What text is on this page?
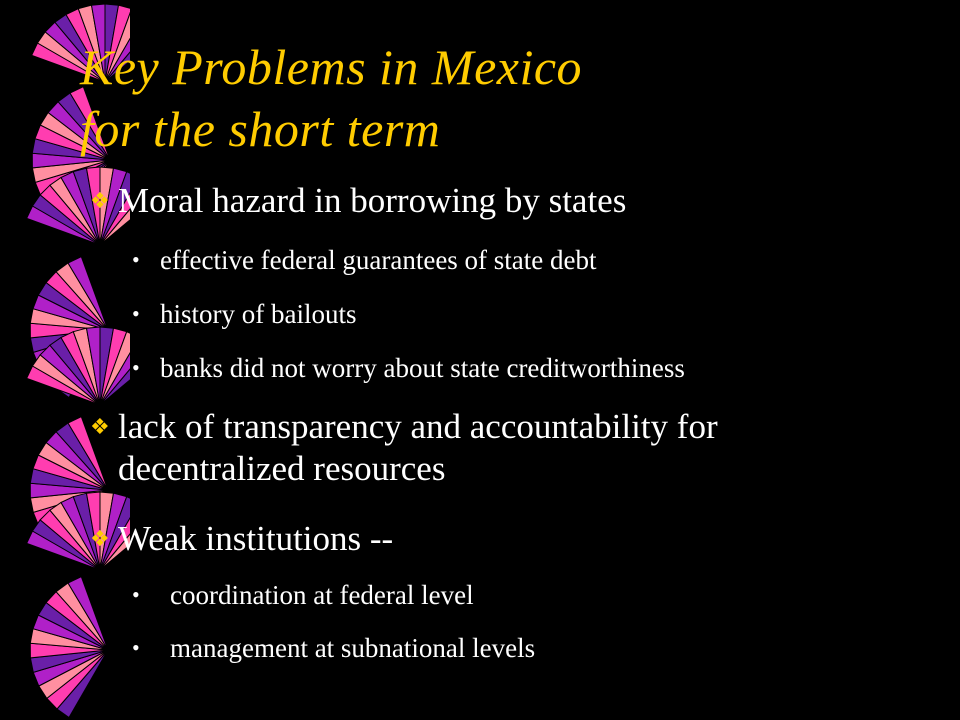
Key Problems in Mexico
for the short term
❖ Moral hazard in borrowing by states
• effective federal guarantees of state debt
• history of bailouts
• banks did not worry about state creditworthiness
❖ lack of transparency and accountability for
decentralized resources
❖ Weak institutions --
• coordination at federal level
• management at subnational levels
